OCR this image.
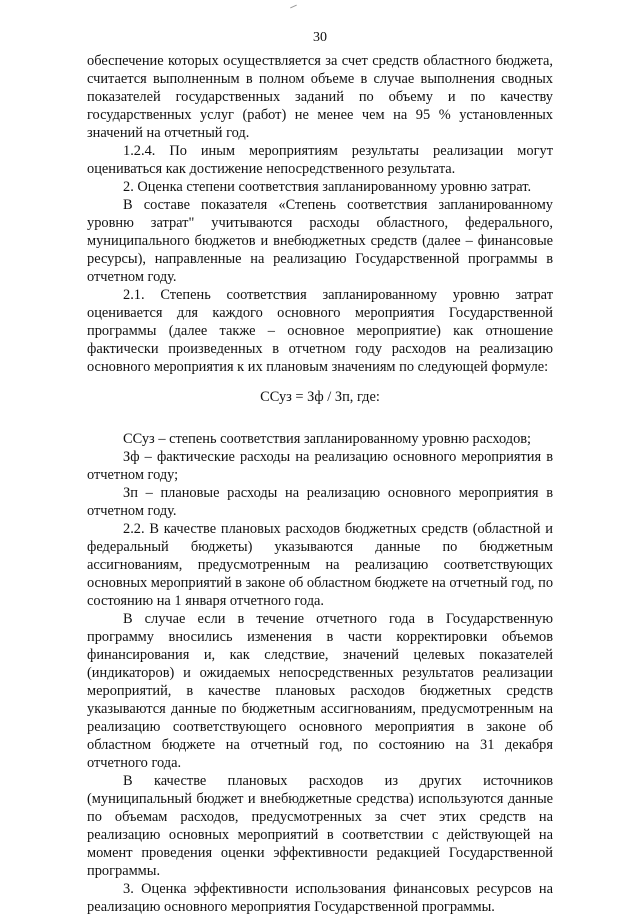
30

обеспечение которых осуществляется за счет средств областного бюджета, считается выполненным в полном объеме в случае выполнения сводных показателей государственных заданий по объему и по качеству государственных услуг (работ) не менее чем на 95 % установленных значений на отчетный год.

1.2.4. По иным мероприятиям результаты реализации могут оцениваться как достижение непосредственного результата.

2. Оценка степени соответствия запланированному уровню затрат.

В составе показателя «Степень соответствия запланированному уровню затрат" учитываются расходы областного, федерального, муниципального бюджетов и внебюджетных средств (далее – финансовые ресурсы), направленные на реализацию Государственной программы в отчетном году.

2.1. Степень соответствия запланированному уровню затрат оценивается для каждого основного мероприятия Государственной программы (далее также – основное мероприятие) как отношение фактически произведенных в отчетном году расходов на реализацию основного мероприятия к их плановым значениям по следующей формуле:

ССуз = Зф / Зп, где:

ССуз – степень соответствия запланированному уровню расходов;

Зф – фактические расходы на реализацию основного мероприятия в отчетном году;

Зп – плановые расходы на реализацию основного мероприятия в отчетном году.

2.2. В качестве плановых расходов бюджетных средств (областной и федеральный бюджеты) указываются данные по бюджетным ассигнованиям, предусмотренным на реализацию соответствующих основных мероприятий в законе об областном бюджете на отчетный год, по состоянию на 1 января отчетного года.

В случае если в течение отчетного года в Государственную программу вносились изменения в части корректировки объемов финансирования и, как следствие, значений целевых показателей (индикаторов) и ожидаемых непосредственных результатов реализации мероприятий, в качестве плановых расходов бюджетных средств указываются данные по бюджетным ассигнованиям, предусмотренным на реализацию соответствующего основного мероприятия в законе об областном бюджете на отчетный год, по состоянию на 31 декабря отчетного года.

В качестве плановых расходов из других источников (муниципальный бюджет и внебюджетные средства) используются данные по объемам расходов, предусмотренных за счет этих средств на реализацию основных мероприятий в соответствии с действующей на момент проведения оценки эффективности редакцией Государственной программы.

3. Оценка эффективности использования финансовых ресурсов на реализацию основного мероприятия Государственной программы.
